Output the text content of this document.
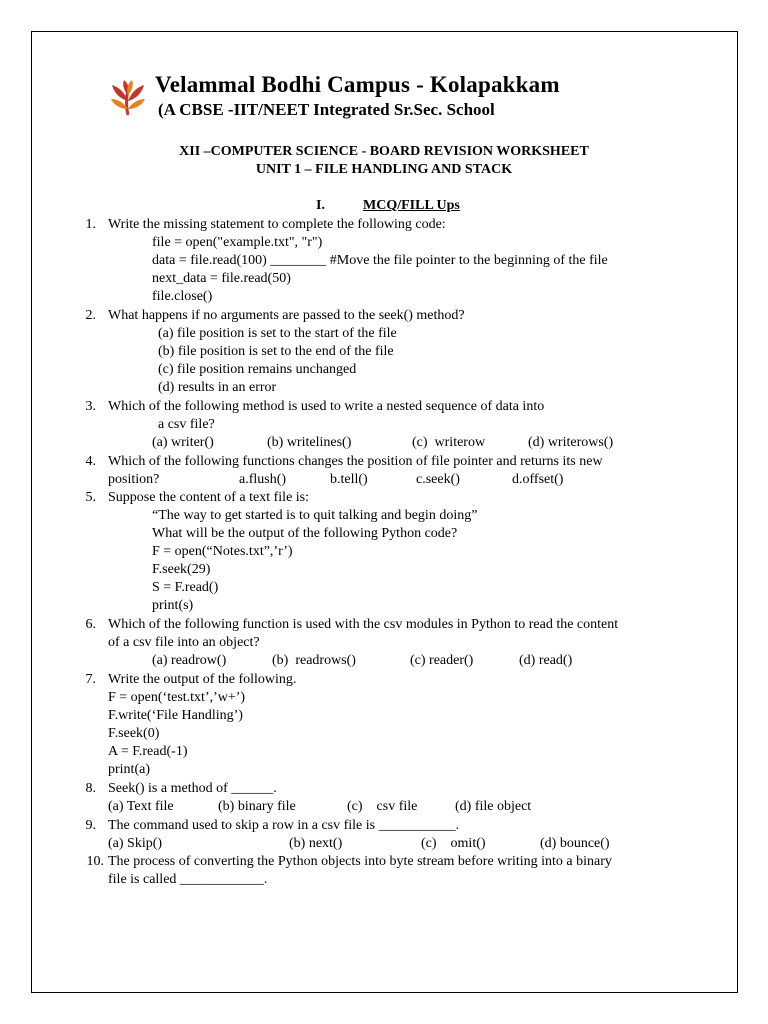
Velammal Bodhi Campus - Kolapakkam
(A CBSE -IIT/NEET Integrated Sr.Sec. School
XII –COMPUTER SCIENCE - BOARD REVISION WORKSHEET
UNIT 1 – FILE HANDLING AND STACK
I.	MCQ/FILL Ups
1. Write the missing statement to complete the following code:
file = open("example.txt", "r")
data = file.read(100) ________ #Move the file pointer to the beginning of the file
next_data = file.read(50)
file.close()
2. What happens if no arguments are passed to the seek() method?
(a) file position is set to the start of the file
(b) file position is set to the end of the file
(c) file position remains unchanged
(d) results in an error
3. Which of the following method is used to write a nested sequence of data into
a csv file?
(a) writer()	(b) writelines()	(c)  writerow	(d) writerows()
4. Which of the following functions changes the position of file pointer and returns its new
position?	a.flush()	b.tell()	c.seek()	d.offset()
5. Suppose the content of a text file is:
“The way to get started is to quit talking and begin doing”
What will be the output of the following Python code?
F = open(“Notes.txt”,’r’)
F.seek(29)
S = F.read()
print(s)
6. Which of the following function is used with the csv modules in Python to read the content
of a csv file into an object?
(a) readrow()	(b)  readrows()	(c) reader()	(d) read()
7. Write the output of the following.
F = open(‘test.txt’,’w+’)
F.write(‘File Handling’)
F.seek(0)
A = F.read(-1)
print(a)
8. Seek() is a method of ______.
(a) Text file	(b) binary file	(c)    csv file	(d) file object
9. The command used to skip a row in a csv file is ___________.
(a) Skip()	(b) next()	(c)    omit()	(d) bounce()
10. The process of converting the Python objects into byte stream before writing into a binary
file is called ____________.
